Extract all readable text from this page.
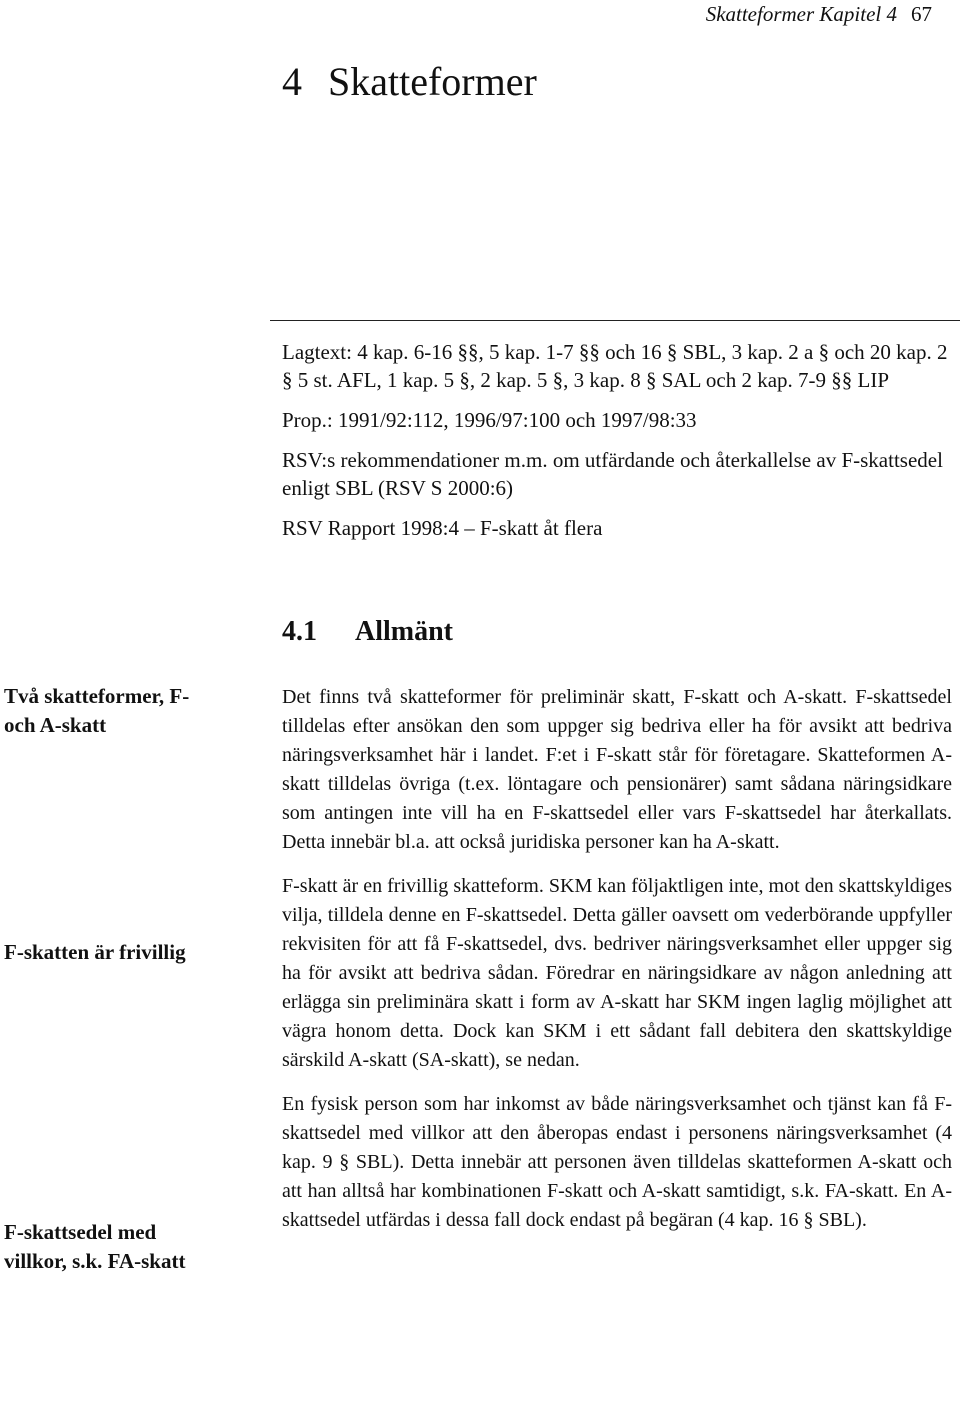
Skatteformer Kapitel 4 67
4 Skatteformer

Lagtext: 4 kap. 6-16 §§, 5 kap. 1-7 §§ och 16 § SBL, 3 kap. 2 a § och 20 kap. 2 § 5 st. AFL, 1 kap. 5 §, 2 kap. 5 §, 3 kap. 8 § SAL och 2 kap. 7-9 §§ LIP

Prop.: 1991/92:112, 1996/97:100 och 1997/98:33

RSV:s rekommendationer m.m. om utfärdande och återkallelse av F-skattsedel enligt SBL (RSV S 2000:6)

RSV Rapport 1998:4 – F-skatt åt flera

4.1 Allmänt
Två skatteformer, F- och A-skatt
F-skatten är frivillig
F-skattsedel med villkor, s.k. FA-skatt

Det finns två skatteformer för preliminär skatt, F-skatt och A-skatt. F-skattsedel tilldelas efter ansökan den som uppger sig bedriva eller ha för avsikt att bedriva näringsverksamhet här i landet. F:et i F-skatt står för företagare. Skatteformen A-skatt tilldelas övriga (t.ex. löntagare och pensionärer) samt sådana näringsidkare som antingen inte vill ha en F-skattsedel eller vars F-skattsedel har återkallats. Detta innebär bl.a. att också juridiska personer kan ha A-skatt.

F-skatt är en frivillig skatteform. SKM kan följaktligen inte, mot den skattskyldiges vilja, tilldela denne en F-skattsedel. Detta gäller oavsett om vederbörande uppfyller rekvisiten för att få F-skattsedel, dvs. bedriver näringsverksamhet eller uppger sig ha för avsikt att bedriva sådan. Föredrar en näringsidkare av någon anledning att erlägga sin preliminära skatt i form av A-skatt har SKM ingen laglig möjlighet att vägra honom detta. Dock kan SKM i ett sådant fall debitera den skattskyldige särskild A-skatt (SA-skatt), se nedan.

En fysisk person som har inkomst av både näringsverksamhet och tjänst kan få F-skattsedel med villkor att den åberopas endast i personens näringsverksamhet (4 kap. 9 § SBL). Detta innebär att personen även tilldelas skatteformen A-skatt och att han alltså har kombinationen F-skatt och A-skatt samtidigt, s.k. FA-skatt. En A-skattsedel utfärdas i dessa fall dock endast på begäran (4 kap. 16 § SBL).
